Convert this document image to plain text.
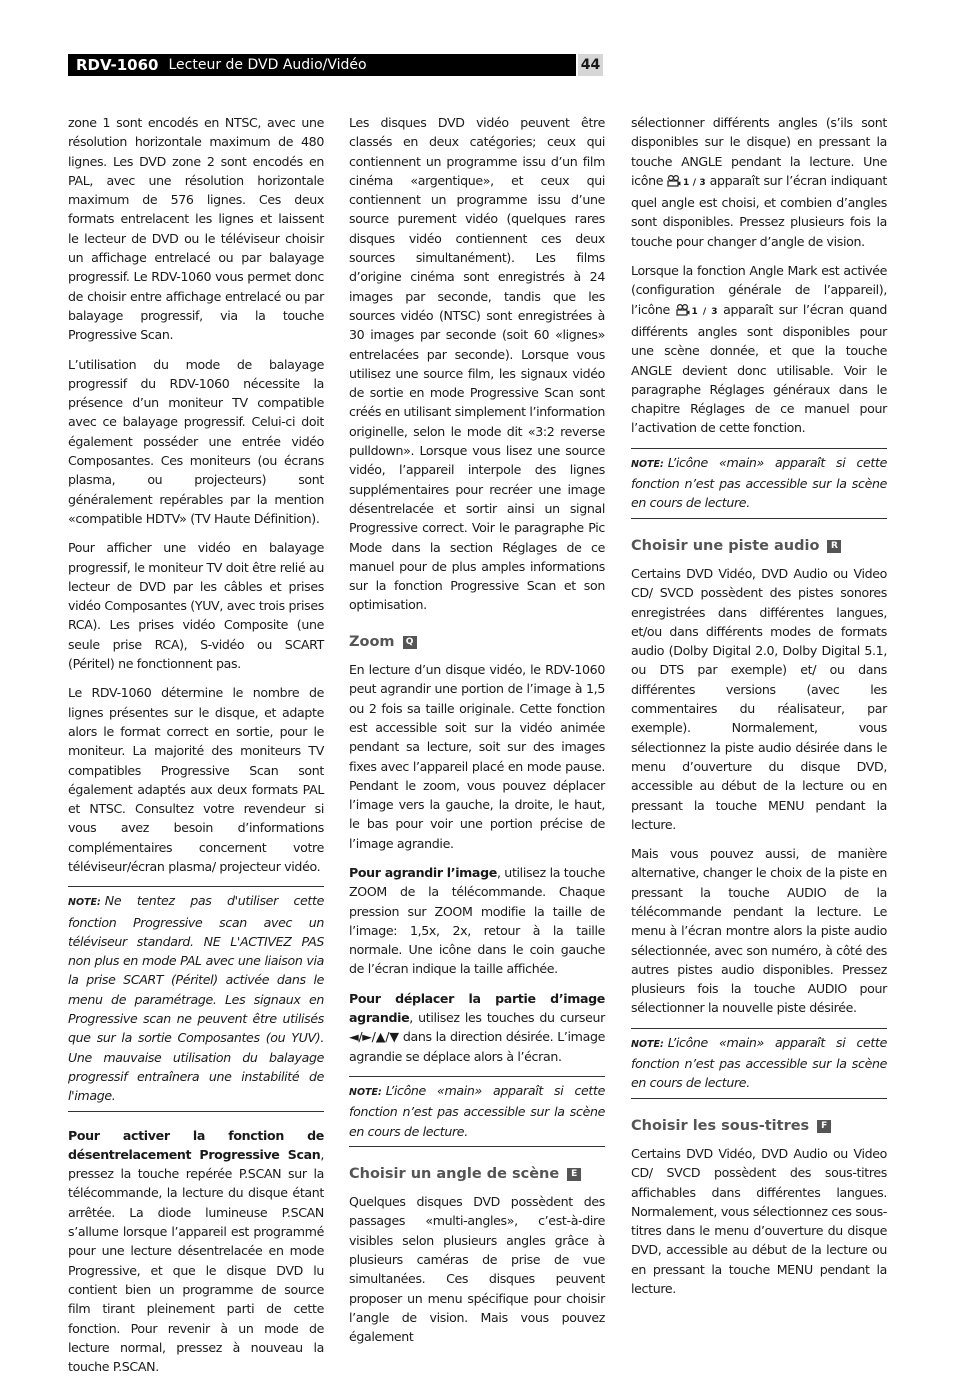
RDV-1060 Lecteur de DVD Audio/Vidéo	44

zone 1 sont encodés en NTSC, avec une résolution horizontale maximum de 480 lignes. Les DVD zone 2 sont encodés en PAL, avec une résolution horizontale maximum de 576 lignes. Ces deux formats entrelacent les lignes et laissent le lecteur de DVD ou le téléviseur choisir un affichage entrelacé ou par balayage progressif. Le RDV-1060 vous permet donc de choisir entre affichage entrelacé ou par balayage progressif, via la touche Progressive Scan.

L’utilisation du mode de balayage progressif du RDV-1060 nécessite la présence d’un moniteur TV compatible avec ce balayage progressif. Celui-ci doit également posséder une entrée vidéo Composantes. Ces moniteurs (ou écrans plasma, ou projecteurs) sont généralement repérables par la mention «compatible HDTV» (TV Haute Définition).

Pour afficher une vidéo en balayage progressif, le moniteur TV doit être relié au lecteur de DVD par les câbles et prises vidéo Composantes (YUV, avec trois prises RCA). Les prises vidéo Composite (une seule prise RCA), S-vidéo ou SCART (Péritel) ne fonctionnent pas.

Le RDV-1060 détermine le nombre de lignes présentes sur le disque, et adapte alors le format correct en sortie, pour le moniteur. La majorité des moniteurs TV compatibles Progressive Scan sont également adaptés aux deux formats PAL et NTSC. Consultez votre revendeur si vous avez besoin d’informations complémentaires concernent votre téléviseur/écran plasma/ projecteur vidéo.

NOTE: Ne tentez pas d'utiliser cette fonction Progressive scan avec un téléviseur standard. NE L'ACTIVEZ PAS non plus en mode PAL avec une liaison via la prise SCART (Péritel) activée dans le menu de paramétrage. Les signaux en Progressive scan ne peuvent être utilisés que sur la sortie Composantes (ou YUV). Une mauvaise utilisation du balayage progressif entraînera une instabilité de l'image.

Pour activer la fonction de désentrelacement Progressive Scan, pressez la touche repérée P.SCAN sur la télécommande, la lecture du disque étant arrêtée. La diode lumineuse P.SCAN s’allume lorsque l’appareil est programmé pour une lecture désentrelacée en mode Progressive, et que le disque DVD lu contient bien un programme de source film tirant pleinement parti de cette fonction. Pour revenir à un mode de lecture normal, pressez à nouveau la touche P.SCAN.

Les disques DVD vidéo peuvent être classés en deux catégories; ceux qui contiennent un programme issu d’un film cinéma «argentique», et ceux qui contiennent un programme issu d’une source purement vidéo (quelques rares disques vidéo contiennent ces deux sources simultanément). Les films d’origine cinéma sont enregistrés à 24 images par seconde, tandis que les sources vidéo (NTSC) sont enregistrées à 30 images par seconde (soit 60 «lignes» entrelacées par seconde). Lorsque vous utilisez une source film, les signaux vidéo de sortie en mode Progressive Scan sont créés en utilisant simplement l’information originelle, selon le mode dit «3:2 reverse pulldown». Lorsque vous lisez une source vidéo, l’appareil interpole des lignes supplémentaires pour recréer une image désentrelacée et sortir ainsi un signal Progressive correct. Voir le paragraphe Pic Mode dans la section Réglages de ce manuel pour de plus amples informations sur la fonction Progressive Scan et son optimisation.

Zoom	Q

En lecture d’un disque vidéo, le RDV-1060 peut agrandir une portion de l’image à 1,5 ou 2 fois sa taille originale. Cette fonction est accessible soit sur la vidéo animée pendant sa lecture, soit sur des images fixes avec l’appareil placé en mode pause. Pendant le zoom, vous pouvez déplacer l’image vers la gauche, la droite, le haut, le bas pour voir une portion précise de l’image agrandie.

Pour agrandir l’image, utilisez la touche ZOOM de la télécommande. Chaque pression sur ZOOM modifie la taille de l’image: 1,5x, 2x, retour à la taille normale. Une icône dans le coin gauche de l’écran indique la taille affichée.

Pour déplacer la partie d’image agrandie, utilisez les touches du curseur ◄/►/▲/▼ dans la direction désirée. L’image agrandie se déplace alors à l’écran.

NOTE: L’icône «main» apparaît si cette fonction n’est pas accessible sur la scène en cours de lecture.
Choisir un angle de scène	E

Quelques disques DVD possèdent des passages «multi-angles», c’est-à-dire visibles selon plusieurs angles grâce à plusieurs caméras de prise de vue simultanées. Ces disques peuvent proposer un menu spécifique pour choisir l’angle de vision. Mais vous pouvez également

sélectionner différents angles (s’ils sont disponibles sur le disque) en pressant la touche ANGLE pendant la lecture. Une icône 1 / 3 apparaît sur l’écran indiquant quel angle est choisi, et combien d’angles sont disponibles. Pressez plusieurs fois la touche pour changer d’angle de vision.

Lorsque la fonction Angle Mark est activée (configuration générale de l’appareil), l’icône 1 / 3 apparaît sur l’écran quand différents angles sont disponibles pour une scène donnée, et que la touche ANGLE devient donc utilisable. Voir le paragraphe Réglages généraux dans le chapitre Réglages de ce manuel pour l’activation de cette fonction.

NOTE: L’icône «main» apparaît si cette fonction n’est pas accessible sur la scène en cours de lecture.
Choisir une piste audio	R

Certains DVD Vidéo, DVD Audio ou Video CD/ SVCD possèdent des pistes sonores enregistrées dans différentes langues, et/ou dans différents modes de formats audio (Dolby Digital 2.0, Dolby Digital 5.1, ou DTS par exemple) et/ ou dans différentes versions (avec les commentaires du réalisateur, par exemple). Normalement, vous sélectionnez la piste audio désirée dans le menu d’ouverture du disque DVD, accessible au début de la lecture ou en pressant la touche MENU pendant la lecture.

Mais vous pouvez aussi, de manière alternative, changer le choix de la piste en pressant la touche AUDIO de la télécommande pendant la lecture. Le menu à l’écran montre alors la piste audio sélectionnée, avec son numéro, à côté des autres pistes audio disponibles. Pressez plusieurs fois la touche AUDIO pour sélectionner la nouvelle piste désirée.

NOTE: L’icône «main» apparaît si cette fonction n’est pas accessible sur la scène en cours de lecture.
Choisir les sous-titres	F

Certains DVD Vidéo, DVD Audio ou Video CD/ SVCD possèdent des sous-titres affichables dans différentes langues. Normalement, vous sélectionnez ces sous-titres dans le menu d’ouverture du disque DVD, accessible au début de la lecture ou en pressant la touche MENU pendant la lecture.
